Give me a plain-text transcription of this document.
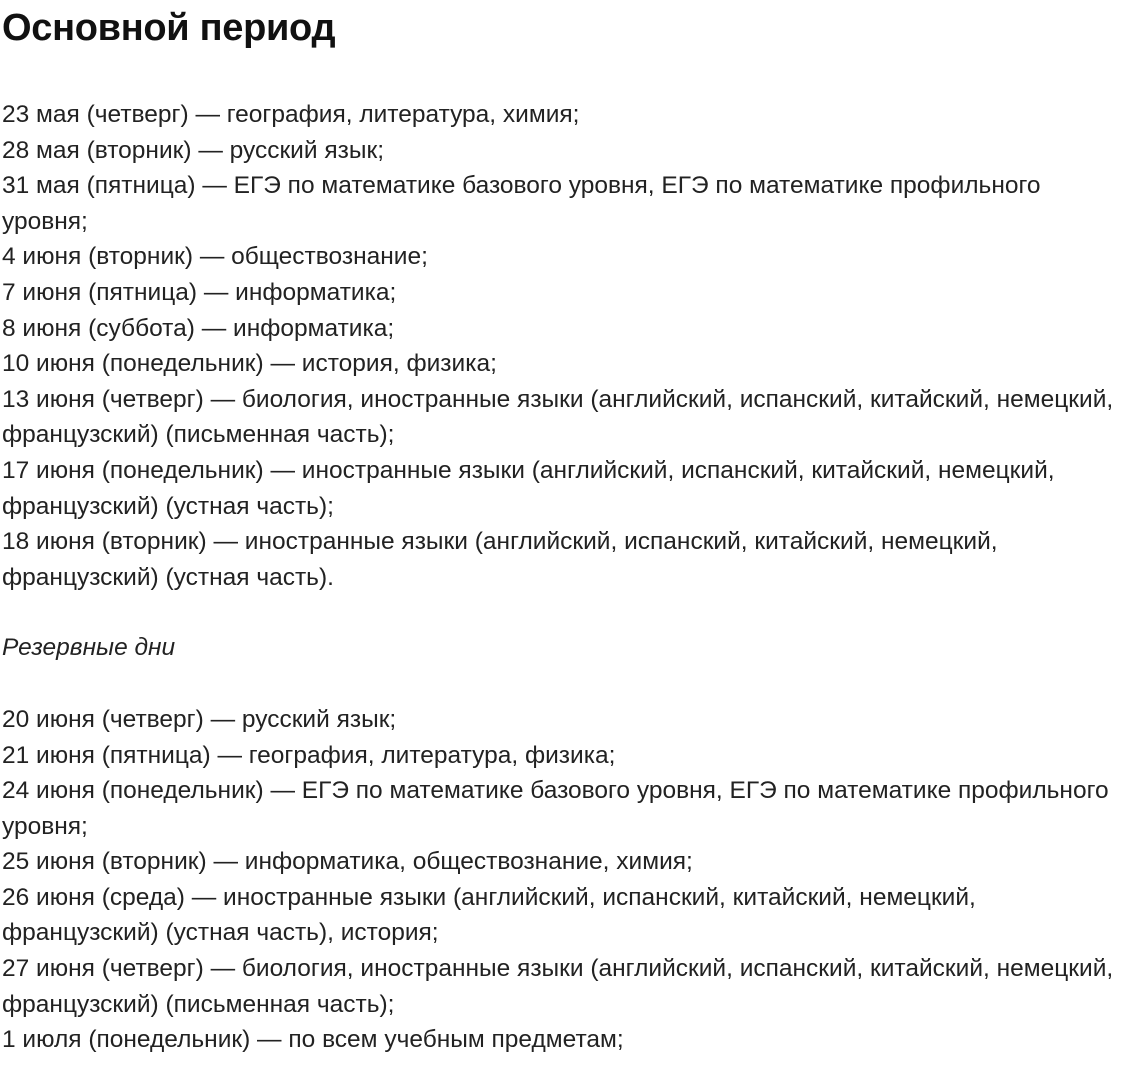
Основной период
23 мая (четверг) — география, литература, химия;
28 мая (вторник) — русский язык;
31 мая (пятница) — ЕГЭ по математике базового уровня, ЕГЭ по математике профильного уровня;
4 июня (вторник) — обществознание;
7 июня (пятница) — информатика;
8 июня (суббота) — информатика;
10 июня (понедельник) — история, физика;
13 июня (четверг) — биология, иностранные языки (английский, испанский, китайский, немецкий, французский) (письменная часть);
17 июня (понедельник) — иностранные языки (английский, испанский, китайский, немецкий, французский) (устная часть);
18 июня (вторник) — иностранные языки (английский, испанский, китайский, немецкий, французский) (устная часть).

Резервные дни

20 июня (четверг) — русский язык;
21 июня (пятница) — география, литература, физика;
24 июня (понедельник) — ЕГЭ по математике базового уровня, ЕГЭ по математике профильного уровня;
25 июня (вторник) — информатика, обществознание, химия;
26 июня (среда) — иностранные языки (английский, испанский, китайский, немецкий, французский) (устная часть), история;
27 июня (четверг) — биология, иностранные языки (английский, испанский, китайский, немецкий, французский) (письменная часть);
1 июля (понедельник) — по всем учебным предметам;
